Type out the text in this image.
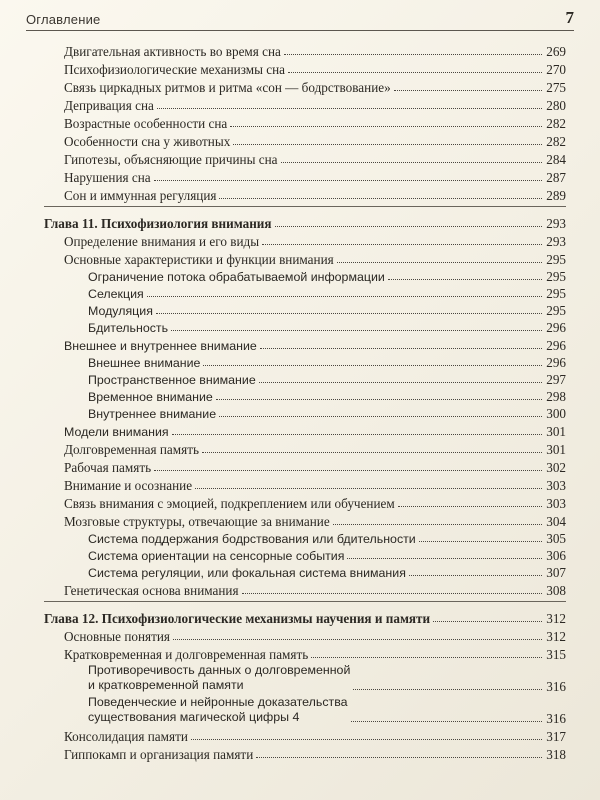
Оглавление	7
Двигательная активность во время сна	269
Психофизиологические механизмы сна	270
Связь циркадных ритмов и ритма «сон — бодрствование»	275
Депривация сна	280
Возрастные особенности сна	282
Особенности сна у животных	282
Гипотезы, объясняющие причины сна	284
Нарушения сна	287
Сон и иммунная регуляция	289
Глава 11. Психофизиология внимания	293
Определение внимания и его виды	293
Основные характеристики и функции внимания	295
Ограничение потока обрабатываемой информации	295
Селекция	295
Модуляция	295
Бдительность	296
Внешнее и внутреннее внимание	296
Внешнее внимание	296
Пространственное внимание	297
Временное внимание	298
Внутреннее внимание	300
Модели внимания	301
Долговременная память	301
Рабочая память	302
Внимание и осознание	303
Связь внимания с эмоцией, подкреплением или обучением	303
Мозговые структуры, отвечающие за внимание	304
Система поддержания бодрствования или бдительности	305
Система ориентации на сенсорные события	306
Система регуляции, или фокальная система внимания	307
Генетическая основа внимания	308
Глава 12. Психофизиологические механизмы научения и памяти	312
Основные понятия	312
Кратковременная и долговременная память	315
Противоречивость данных о долговременной
и кратковременной памяти	316
Поведенческие и нейронные доказательства
существования магической цифры 4	316
Консолидация памяти	317
Гиппокамп и организация памяти	318
